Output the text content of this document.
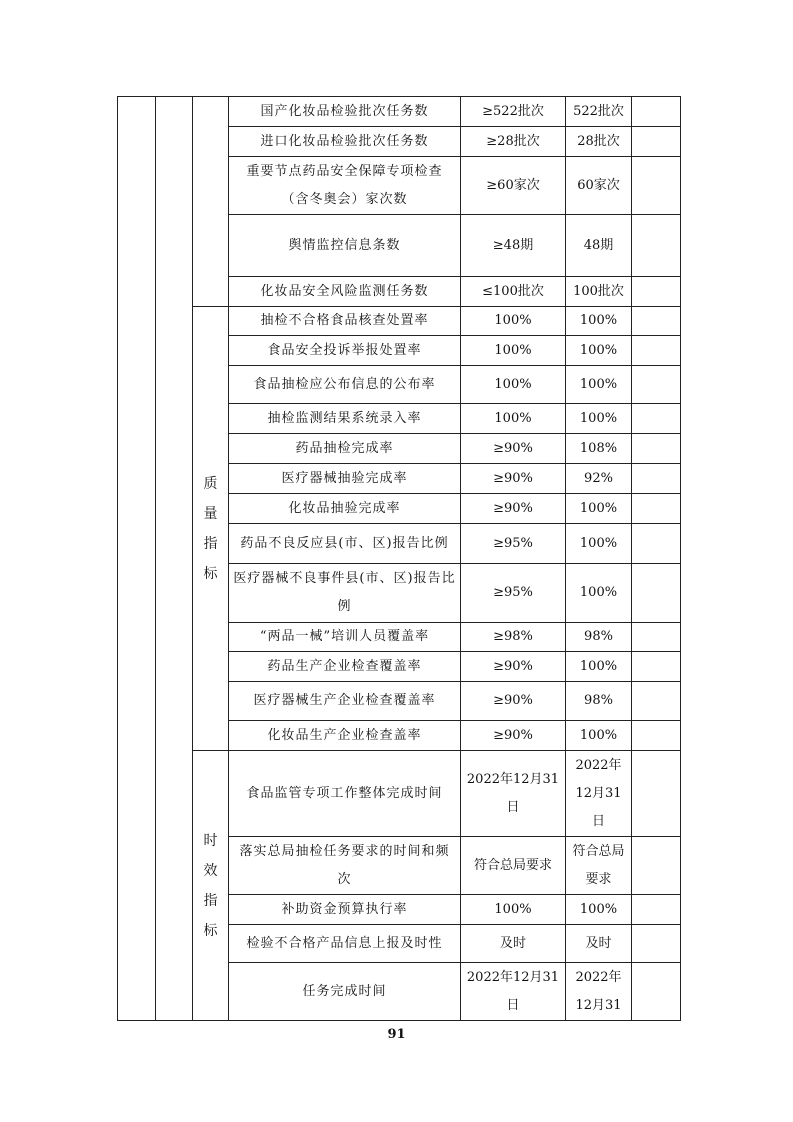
			国产化妆品检验批次任务数	≥522批次	522批次	
			进口化妆品检验批次任务数	≥28批次	28批次	
			重要节点药品安全保障专项检查（含冬奥会）家次数	≥60家次	60家次	
			舆情监控信息条数	≥48期	48期	
			化妆品安全风险监测任务数	≤100批次	100批次	

		质
量
指
标	抽检不合格食品核查处置率	100%	100%	
			食品安全投诉举报处置率	100%	100%	
			食品抽检应公布信息的公布率	100%	100%	
			抽检监测结果系统录入率	100%	100%	
			药品抽检完成率	≥90%	108%	
			医疗器械抽验完成率	≥90%	92%	
			化妆品抽验完成率	≥90%	100%	
			药品不良反应县(市、区)报告比例	≥95%	100%	
			医疗器械不良事件县(市、区)报告比例	≥95%	100%	
			“两品一械”培训人员覆盖率	≥98%	98%	
			药品生产企业检查覆盖率	≥90%	100%	
			医疗器械生产企业检查覆盖率	≥90%	98%	
			化妆品生产企业检查盖率	≥90%	100%	

		时
效
指
标	食品监管专项工作整体完成时间	2022年12月31日	2022年12月31日	
			落实总局抽检任务要求的时间和频次	符合总局要求	符合总局要求	
			补助资金预算执行率	100%	100%	
			检验不合格产品信息上报及时性	及时	及时	
			任务完成时间	2022年12月31日	2022年12月31	
91
